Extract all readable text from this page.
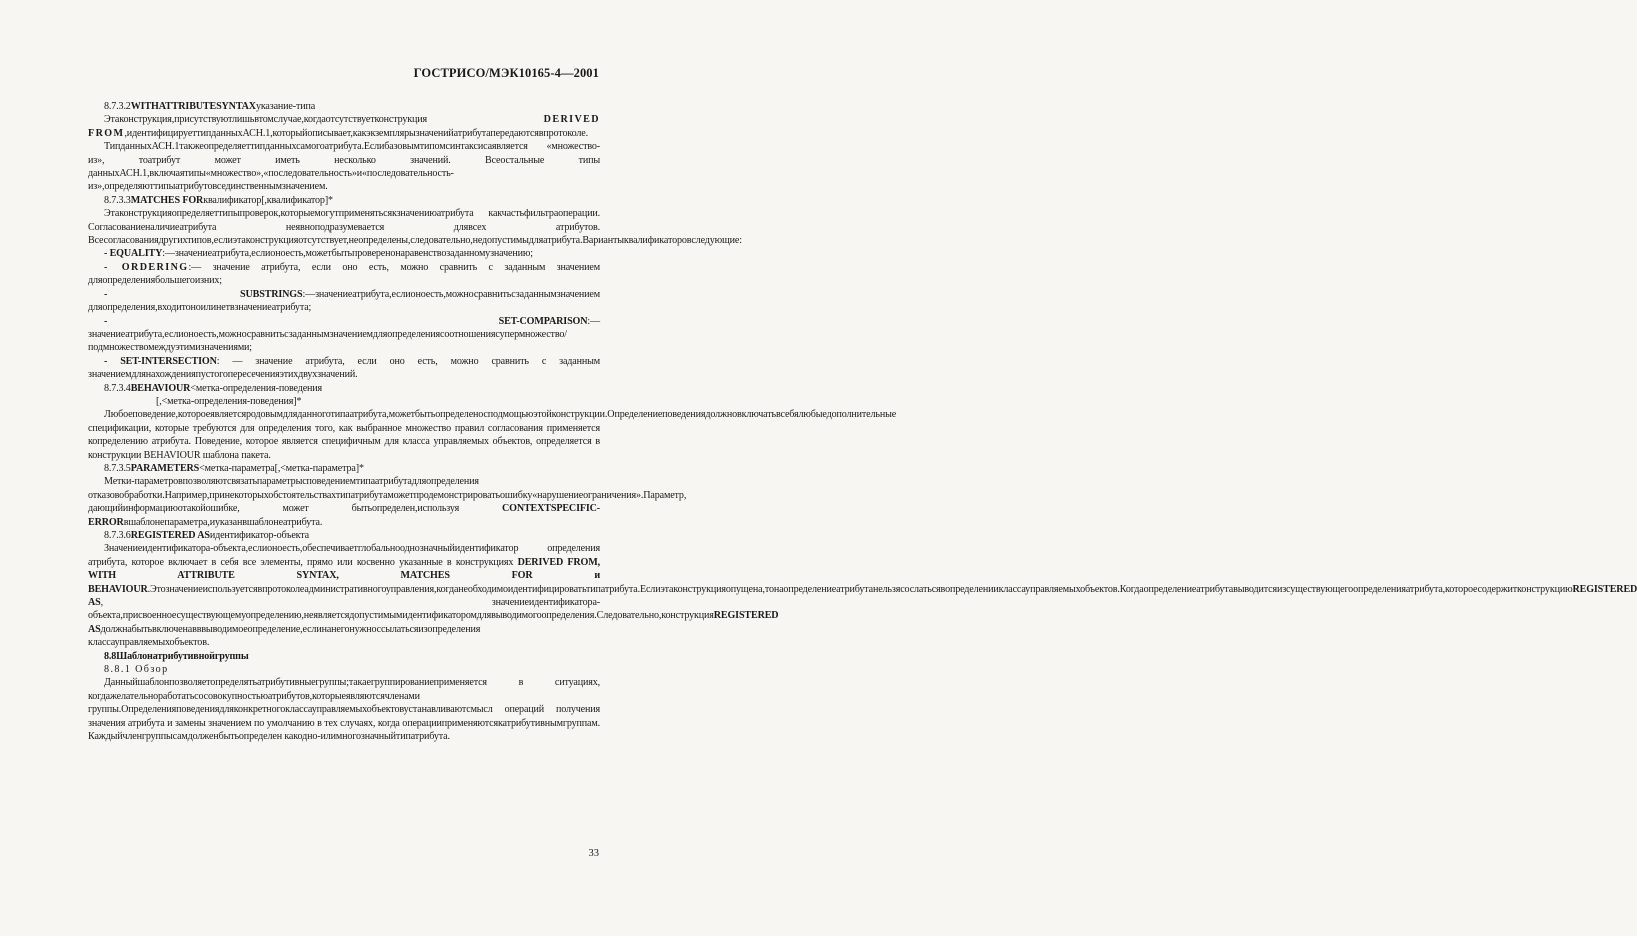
ГОСТРИСО/МЭК10165-4—2001

8.7.3.2WITHATTRIBUTESYNTAXуказание-типа

Этаконструкция,присутствуютлишьвтомслучае,когдаотсутствуетконструкция	DERIVED FROM,идентифицируеттипданныхАСН.1,которыйописывает,какэкземплярызначенийатрибутапередаютсявпротоколе.

ТипданныхАСН.1такжеопределяеттипданныхсамогоатрибута.Еслибазовымтипомсинтаксисаявляется «множество-из», тоатрибут может иметь несколько значений. Всеостальные типы данныхАСН.1,включаятипы«множество»,«последовательность»и«последовательность-из»,определяюттипыатрибутовсединственнымзначением.

8.7.3.3MATCHES FORквалификатор[,квалификатор]*

Этаконструкцияопределяеттипыпроверок,которыемогутприменятьсякзначениюатрибута какчастьфильтраоперации. Согласованиеналичиеатрибута неявноподразумевается длявсех атрибутов. Всесогласованиядругихтипов,еслиэтаконструкцияотсутствует,неопределены,следовательно,недопустимыдляатрибута.Вариантыквалификаторовследующие:

- EQUALITY:—значениеатрибута,еслионоесть,можетбытьпроверенонаравенствозаданномузначению;

- ORDERING:— значение атрибута, если оно есть, можно сравнить с заданным значением дляопределениябольшегоизних;

- SUBSTRINGS:—значениеатрибута,еслионоесть,можносравнитьсзаданнымзначением дляопределения,входитоноилинетвзначениеатрибута;

- SET-COMPARISON:—значениеатрибута,еслионоесть,можносравнитьсзаданнымзначениемдляопределениясоотношениясупермножество/подмножествомеждуэтимизначениями;

- SET-INTERSECTION: — значение атрибута, если оно есть, можно сравнить с заданным значениемдлянахожденияпустогопересеченияэтихдвухзначений.

8.7.3.4BEHAVIOUR<метка-определения-поведения

[,<метка-определения-поведения]*

Любоеповедение,котороеявляетсяродовымдляданноготипаатрибута,можетбытьопределеносподмощьюэтойконструкции.Определениеповедениядолжновключатьвсебялюбыедополнительные спецификации, которые требуются для определения того, как выбранное множество правил согласования применяется копределению атрибута. Поведение, которое является специфичным для класса управляемых объектов, определяется в конструкции BEHAVIOUR шаблона пакета.

8.7.3.5PARAMETERS<метка-параметра[,<метка-параметра]*

Метки-параметровпозволяютсвязатьпараметрысповедениемтипаатрибутадляопределения отказовобработки.Например,принекоторыхобстоятельствахтипатрибутаможетпродемонстрироватьошибку«нарушениеограничения».Параметр, дающийинформациюотакойошибке, может бытьопределен,используя	CONTEXTSPECIFIC-ERRORвшаблонепараметра,иуказанвшаблонеатрибута.

8.7.3.6REGISTERED ASидентификатор-объекта

Значениеидентификатора-объекта,еслионоесть,обеспечиваетглобальнооднозначныйидентификатор определения атрибута, которое включает в себя все элементы, прямо или косвенно указанные в конструкциях DERIVED FROM, WITH ATTRIBUTE SYNTAX, MATCHES FOR и BEHAVIOUR.Этозначениеиспользуетсявпротоколеадминистративногоуправления,когданеобходимоидентифицироватьтипатрибута.Еслиэтаконструкцияопущена,тонаопределениеатрибутанельзясослатьсявопределенииклассауправляемыхобъектов.Когдаопределениеатрибутавыводитсяизсуществующегоопределенияатрибута,котороесодержитконструкциюREGISTERED AS, значениеидентификатора-объекта,присвоенноесуществующемуопределению,неявляетсядопустимымидентификаторомдлявыводимогоопределения.Следовательно,конструкцияREGISTERED ASдолжнабытьвключенавввыводимоеопределение,еслинанегонужноссылатьсяизопределения классауправляемыхобъектов.

8.8Шаблонатрибутивнойгруппы

8.8.1 Обзор

Данныйшаблонпозволяетопределятьатрибутивныегруппы;такаегруппированиеприменяется в ситуациях, когдажелательноработатьсосовокупностьюатрибутов,которыеявляютсячленами группы.Определенияповедениядляконкретногоклассауправляемыхобъектовустанавливаютсмысл операций получения значения атрибута и замены значением по умолчанию в тех случаях, когда операцииприменяютсякатрибутивнымгруппам. Каждыйчленгруппысамдолженбытьопределен какодно-илимногозначныйтипатрибута.

33
